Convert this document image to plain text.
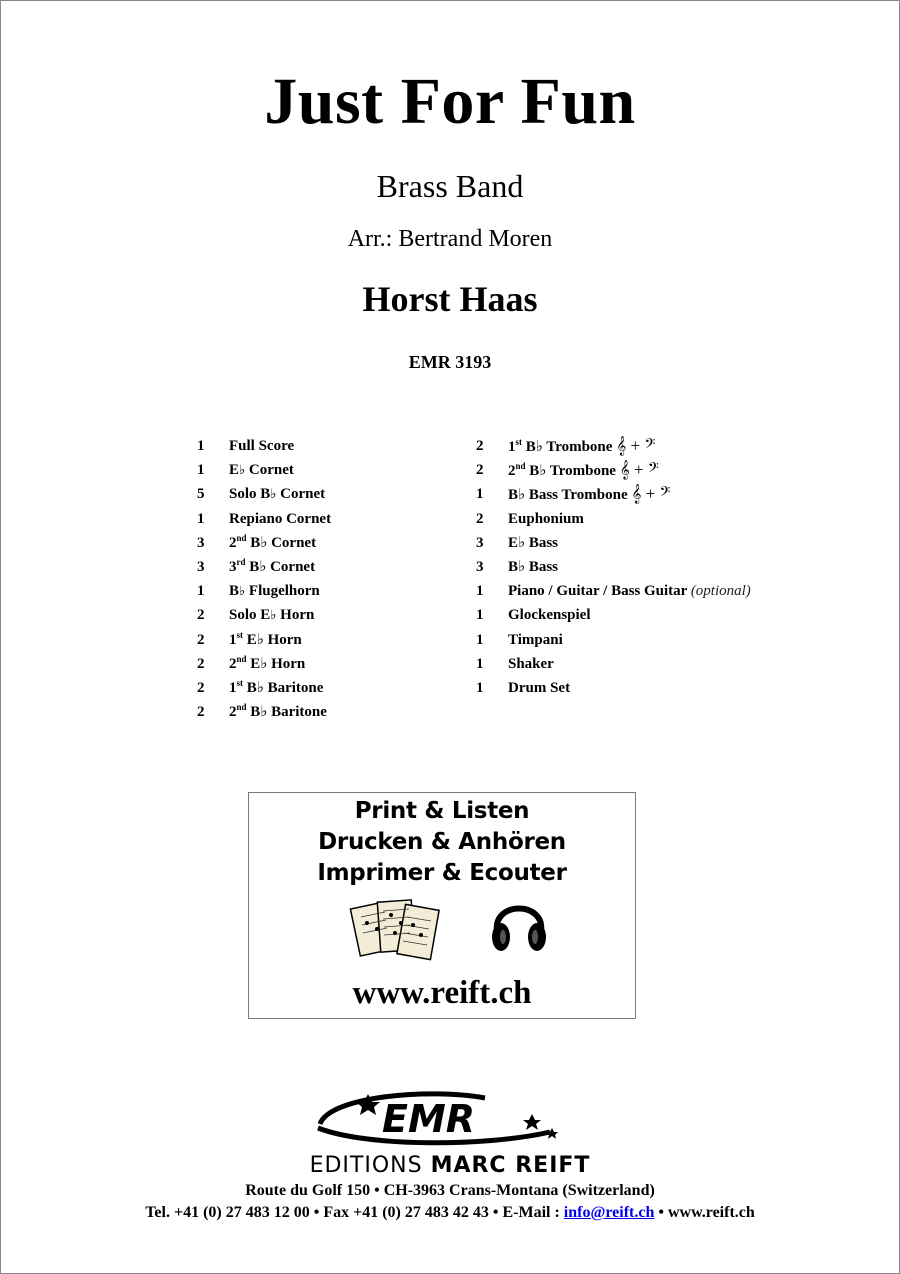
Just For Fun
Brass Band
Arr.: Bertrand Moren
Horst Haas
EMR 3193
1 Full Score
1 E♭ Cornet
5 Solo B♭ Cornet
1 Repiano Cornet
3 2nd B♭ Cornet
3 3rd B♭ Cornet
1 B♭ Flugelhorn
2 Solo E♭ Horn
2 1st E♭ Horn
2 2nd E♭ Horn
2 1st B♭ Baritone
2 2nd B♭ Baritone
2 1st B♭ Trombone 𝄞 + 𝄢
2 2nd B♭ Trombone 𝄞 + 𝄢
1 B♭ Bass Trombone 𝄞 + 𝄢
2 Euphonium
3 E♭ Bass
3 B♭ Bass
1 Piano / Guitar / Bass Guitar (optional)
1 Glockenspiel
1 Timpani
1 Shaker
1 Drum Set
Print & Listen
Drucken & Anhören
Imprimer & Ecouter
www.reift.ch
EMR
EDITIONS MARC REIFT
Route du Golf 150 • CH-3963 Crans-Montana (Switzerland)
Tel. +41 (0) 27 483 12 00 • Fax +41 (0) 27 483 42 43 • E-Mail : info@reift.ch • www.reift.ch
